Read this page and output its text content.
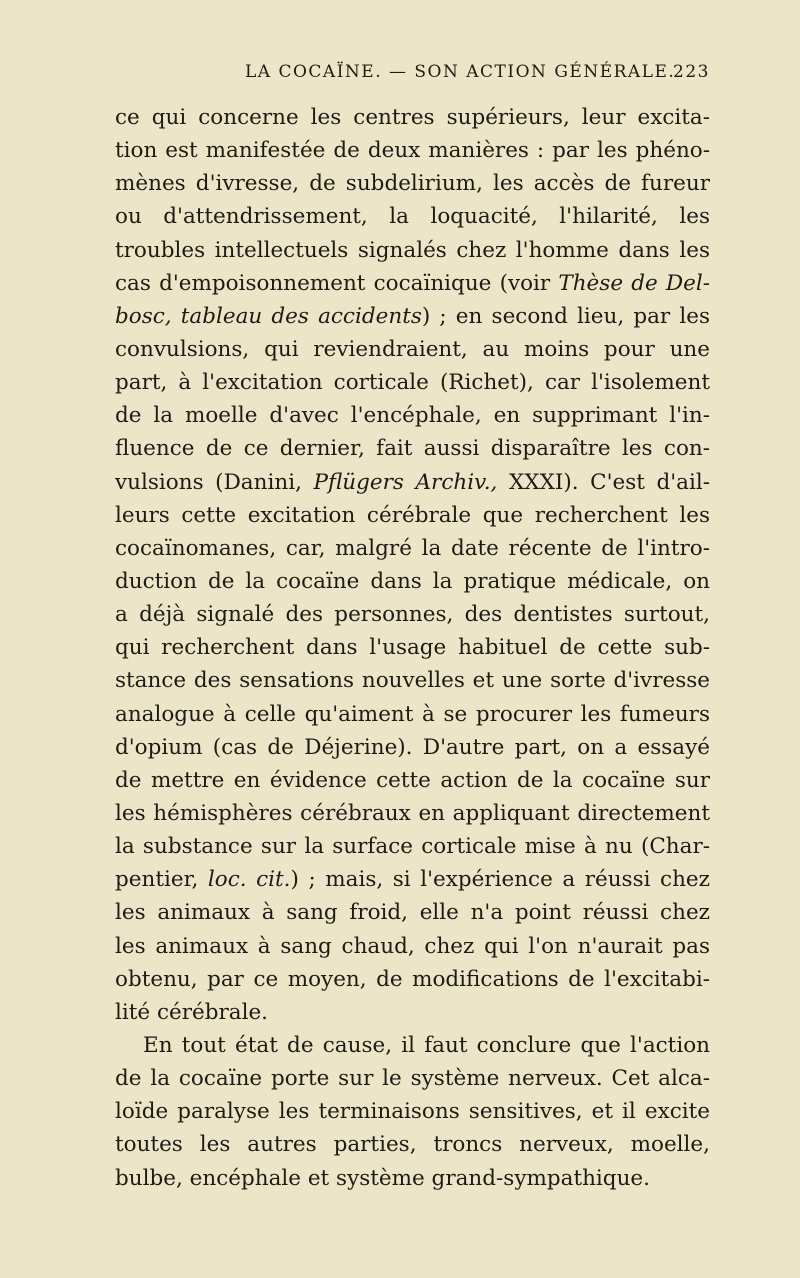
LA COCAÏNE. — SON ACTION GÉNÉRALE.
223
ce qui concerne les centres supérieurs, leur excita-
tion est manifestée de deux manières : par les phéno-
mènes d'ivresse, de subdelirium, les accès de fureur
ou d'attendrissement, la loquacité, l'hilarité, les
troubles intellectuels signalés chez l'homme dans les
cas d'empoisonnement cocaïnique (voir Thèse de Del-
bosc, tableau des accidents) ; en second lieu, par les
convulsions, qui reviendraient, au moins pour une
part, à l'excitation corticale (Richet), car l'isolement
de la moelle d'avec l'encéphale, en supprimant l'in-
fluence de ce dernier, fait aussi disparaître les con-
vulsions (Danini, Pflügers Archiv., XXXI). C'est d'ail-
leurs cette excitation cérébrale que recherchent les
cocaïnomanes, car, malgré la date récente de l'intro-
duction de la cocaïne dans la pratique médicale, on
a déjà signalé des personnes, des dentistes surtout,
qui recherchent dans l'usage habituel de cette sub-
stance des sensations nouvelles et une sorte d'ivresse
analogue à celle qu'aiment à se procurer les fumeurs
d'opium (cas de Déjerine). D'autre part, on a essayé
de mettre en évidence cette action de la cocaïne sur
les hémisphères cérébraux en appliquant directement
la substance sur la surface corticale mise à nu (Char-
pentier, loc. cit.) ; mais, si l'expérience a réussi chez
les animaux à sang froid, elle n'a point réussi chez
les animaux à sang chaud, chez qui l'on n'aurait pas
obtenu, par ce moyen, de modifications de l'excitabi-
lité cérébrale.
En tout état de cause, il faut conclure que l'action
de la cocaïne porte sur le système nerveux. Cet alca-
loïde paralyse les terminaisons sensitives, et il excite
toutes les autres parties, troncs nerveux, moelle,
bulbe, encéphale et système grand-sympathique.
